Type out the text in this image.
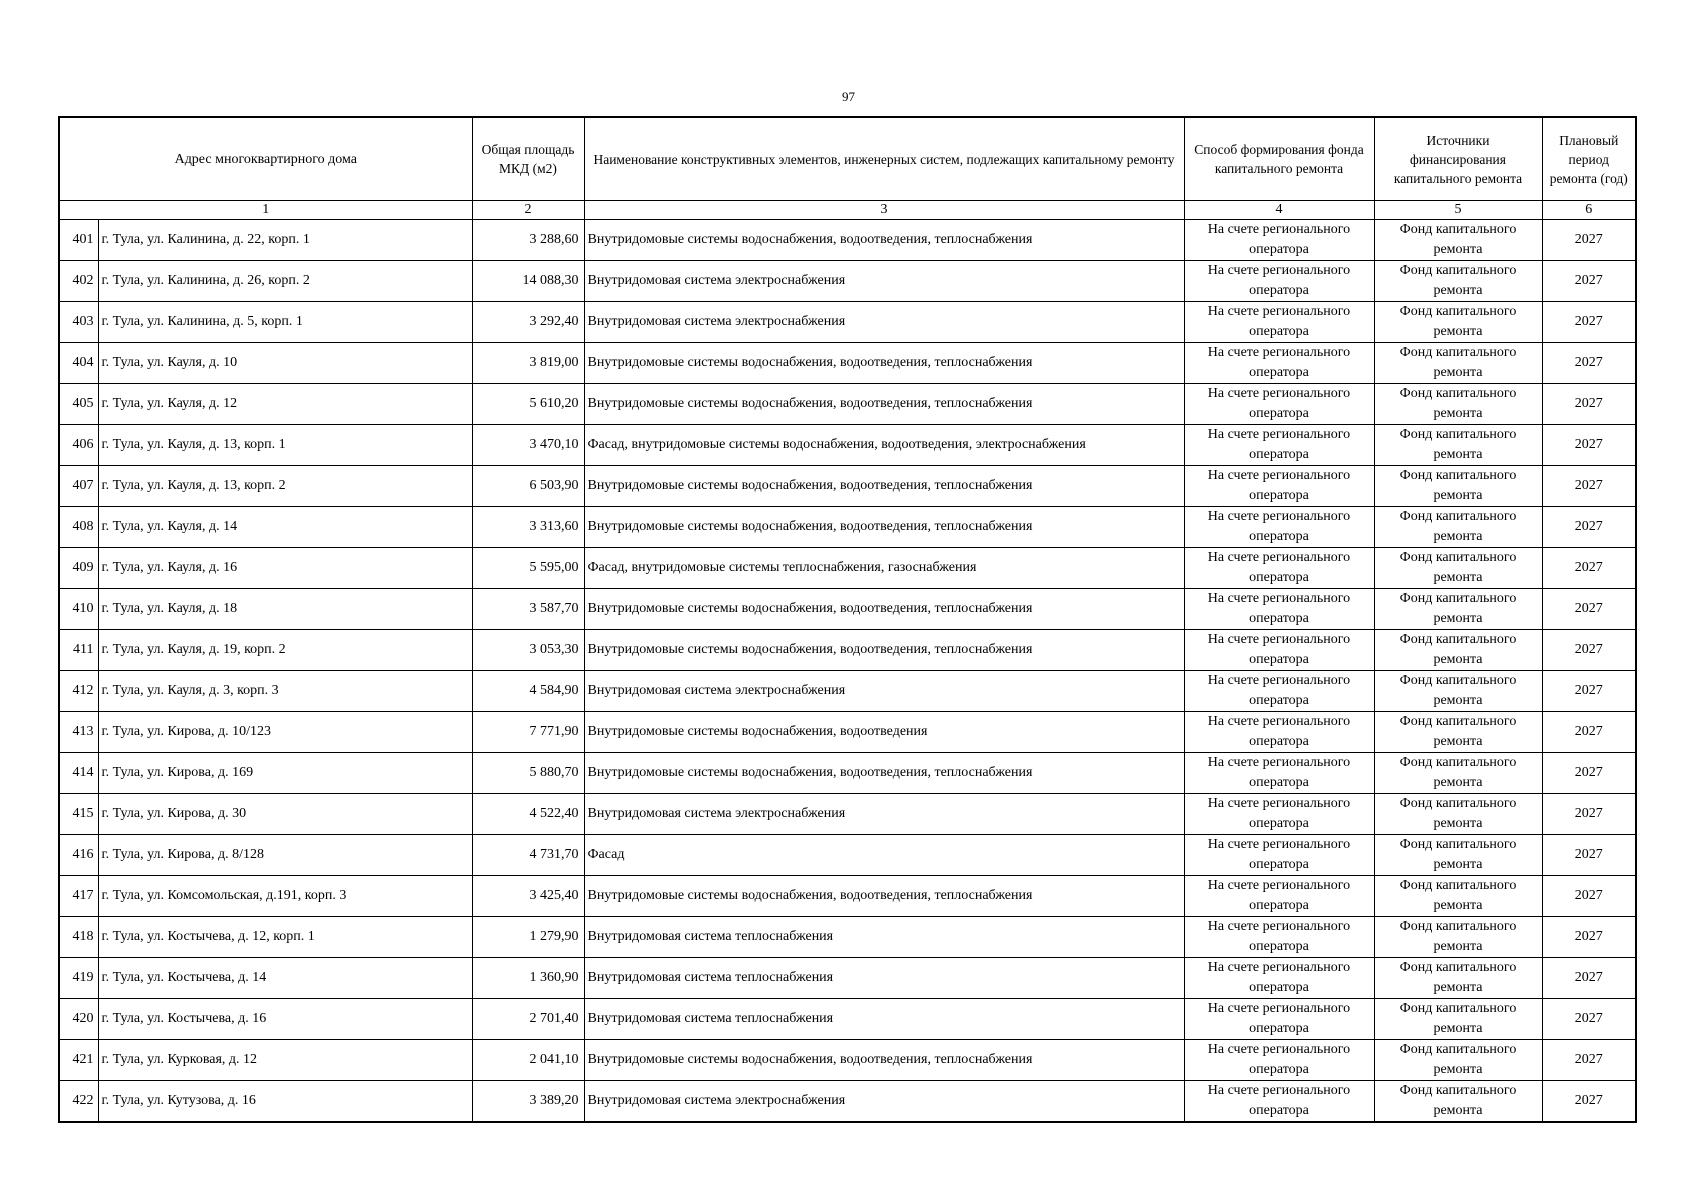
97
Адрес многоквартирного дома		Общая площадь МКД (м2)	Наименование конструктивных элементов, инженерных систем, подлежащих капитальному ремонту	Способ формирования фонда капитального ремонта	Источники финансирования капитального ремонта	Плановый период ремонта (год)
1		2	3	4	5	6
401	г. Тула, ул. Калинина, д. 22, корп. 1	3 288,60	Внутридомовые системы водоснабжения, водоотведения, теплоснабжения	На счете регионального оператора	Фонд капитального ремонта	2027
402	г. Тула, ул. Калинина, д. 26, корп. 2	14 088,30	Внутридомовая система электроснабжения	На счете регионального оператора	Фонд капитального ремонта	2027
403	г. Тула, ул. Калинина, д. 5, корп. 1	3 292,40	Внутридомовая система электроснабжения	На счете регионального оператора	Фонд капитального ремонта	2027
404	г. Тула, ул. Кауля, д. 10	3 819,00	Внутридомовые системы водоснабжения, водоотведения, теплоснабжения	На счете регионального оператора	Фонд капитального ремонта	2027
405	г. Тула, ул. Кауля, д. 12	5 610,20	Внутридомовые системы водоснабжения, водоотведения, теплоснабжения	На счете регионального оператора	Фонд капитального ремонта	2027
406	г. Тула, ул. Кауля, д. 13, корп. 1	3 470,10	Фасад, внутридомовые системы водоснабжения, водоотведения, электроснабжения	На счете регионального оператора	Фонд капитального ремонта	2027
407	г. Тула, ул. Кауля, д. 13, корп. 2	6 503,90	Внутридомовые системы водоснабжения, водоотведения, теплоснабжения	На счете регионального оператора	Фонд капитального ремонта	2027
408	г. Тула, ул. Кауля, д. 14	3 313,60	Внутридомовые системы водоснабжения, водоотведения, теплоснабжения	На счете регионального оператора	Фонд капитального ремонта	2027
409	г. Тула, ул. Кауля, д. 16	5 595,00	Фасад, внутридомовые системы теплоснабжения, газоснабжения	На счете регионального оператора	Фонд капитального ремонта	2027
410	г. Тула, ул. Кауля, д. 18	3 587,70	Внутридомовые системы водоснабжения, водоотведения, теплоснабжения	На счете регионального оператора	Фонд капитального ремонта	2027
411	г. Тула, ул. Кауля, д. 19, корп. 2	3 053,30	Внутридомовые системы водоснабжения, водоотведения, теплоснабжения	На счете регионального оператора	Фонд капитального ремонта	2027
412	г. Тула, ул. Кауля, д. 3, корп. 3	4 584,90	Внутридомовая система электроснабжения	На счете регионального оператора	Фонд капитального ремонта	2027
413	г. Тула, ул. Кирова, д. 10/123	7 771,90	Внутридомовые системы водоснабжения, водоотведения	На счете регионального оператора	Фонд капитального ремонта	2027
414	г. Тула, ул. Кирова, д. 169	5 880,70	Внутридомовые системы водоснабжения, водоотведения, теплоснабжения	На счете регионального оператора	Фонд капитального ремонта	2027
415	г. Тула, ул. Кирова, д. 30	4 522,40	Внутридомовая система электроснабжения	На счете регионального оператора	Фонд капитального ремонта	2027
416	г. Тула, ул. Кирова, д. 8/128	4 731,70	Фасад	На счете регионального оператора	Фонд капитального ремонта	2027
417	г. Тула, ул. Комсомольская, д.191, корп. 3	3 425,40	Внутридомовые системы водоснабжения, водоотведения, теплоснабжения	На счете регионального оператора	Фонд капитального ремонта	2027
418	г. Тула, ул. Костычева, д. 12, корп. 1	1 279,90	Внутридомовая система теплоснабжения	На счете регионального оператора	Фонд капитального ремонта	2027
419	г. Тула, ул. Костычева, д. 14	1 360,90	Внутридомовая система теплоснабжения	На счете регионального оператора	Фонд капитального ремонта	2027
420	г. Тула, ул. Костычева, д. 16	2 701,40	Внутридомовая система теплоснабжения	На счете регионального оператора	Фонд капитального ремонта	2027
421	г. Тула, ул. Курковая, д. 12	2 041,10	Внутридомовые системы водоснабжения, водоотведения, теплоснабжения	На счете регионального оператора	Фонд капитального ремонта	2027
422	г. Тула, ул. Кутузова, д. 16	3 389,20	Внутридомовая система электроснабжения	На счете регионального оператора	Фонд капитального ремонта	2027
